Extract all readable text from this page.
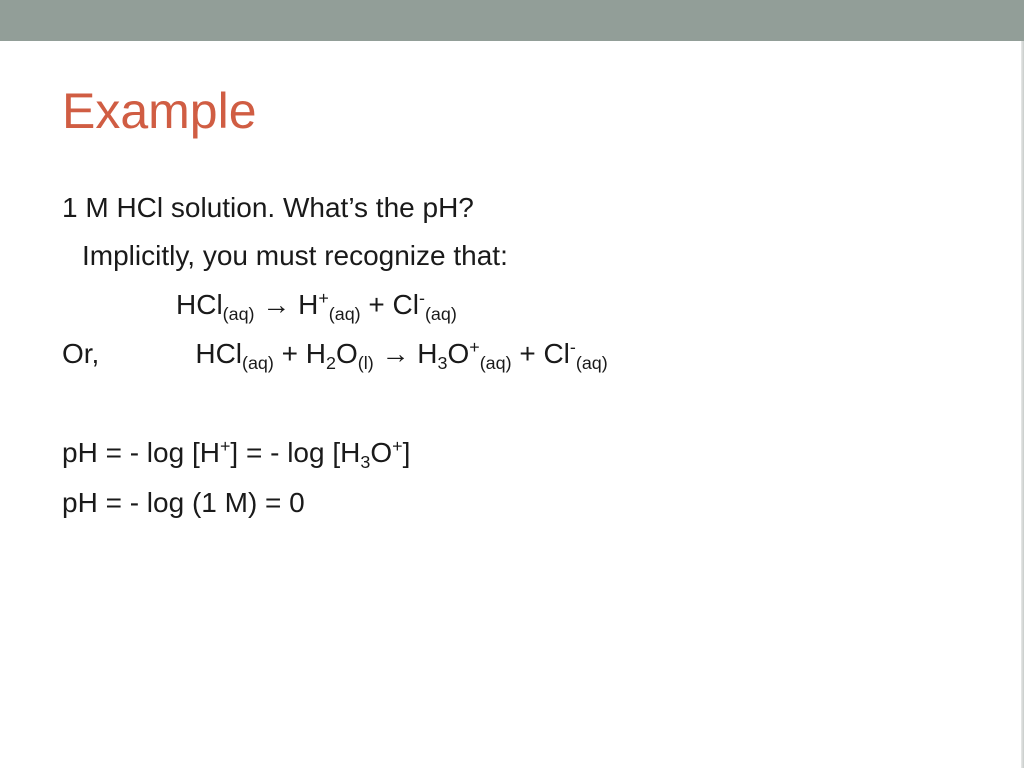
Example
1 M HCl solution. What’s the pH?
Implicitly, you must recognize that:
$HCl_{(aq)} \to H^+_{(aq)} + Cl^-_{(aq)}$
Or,	$HCl_{(aq)} + H_2O_{(l)} \to H_3O^+_{(aq)} + Cl^-_{(aq)}$
pH = - log [H+] = - $\log [H_3O^+]$
pH = - log (1 M) = 0
